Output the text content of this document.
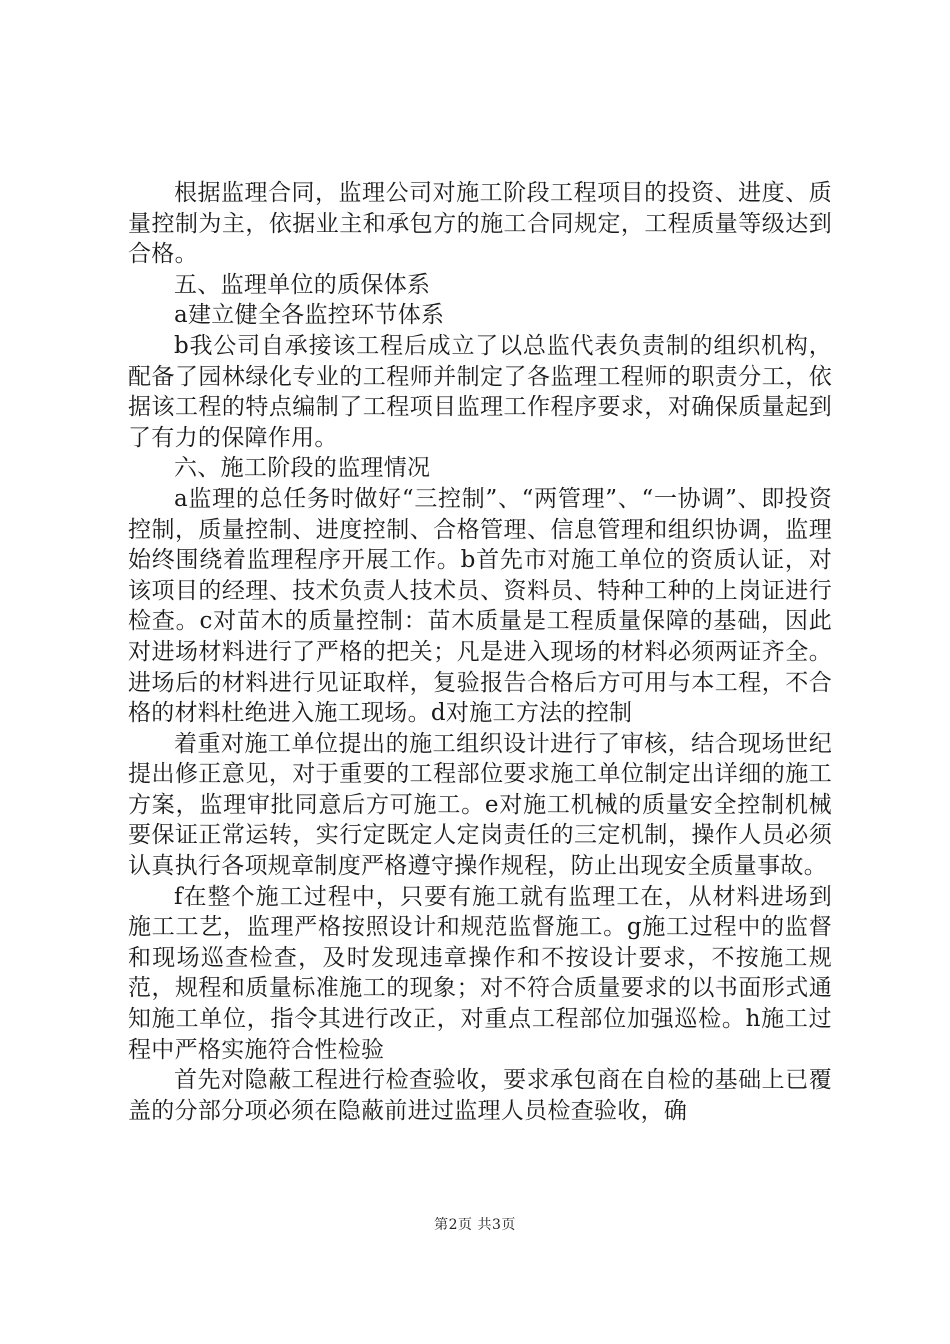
根据监理合同，监理公司对施工阶段工程项目的投资、进度、质量控制为主，依据业主和承包方的施工合同规定，工程质量等级达到合格。

五、监理单位的质保体系

a建立健全各监控环节体系

b我公司自承接该工程后成立了以总监代表负责制的组织机构，配备了园林绿化专业的工程师并制定了各监理工程师的职责分工，依据该工程的特点编制了工程项目监理工作程序要求，对确保质量起到了有力的保障作用。

六、施工阶段的监理情况

a监理的总任务时做好“三控制”、“两管理”、“一协调”、即投资控制，质量控制、进度控制、合格管理、信息管理和组织协调，监理始终围绕着监理程序开展工作。b首先市对施工单位的资质认证，对该项目的经理、技术负责人技术员、资料员、特种工种的上岗证进行检查。c对苗木的质量控制：苗木质量是工程质量保障的基础，因此对进场材料进行了严格的把关；凡是进入现场的材料必须两证齐全。进场后的材料进行见证取样，复验报告合格后方可用与本工程，不合格的材料杜绝进入施工现场。d对施工方法的控制

着重对施工单位提出的施工组织设计进行了审核，结合现场世纪提出修正意见，对于重要的工程部位要求施工单位制定出详细的施工方案，监理审批同意后方可施工。e对施工机械的质量安全控制机械要保证正常运转，实行定既定人定岗责任的三定机制，操作人员必须认真执行各项规章制度严格遵守操作规程，防止出现安全质量事故。

f在整个施工过程中，只要有施工就有监理工在，从材料进场到施工工艺，监理严格按照设计和规范监督施工。g施工过程中的监督和现场巡查检查，及时发现违章操作和不按设计要求，不按施工规范，规程和质量标准施工的现象；对不符合质量要求的以书面形式通知施工单位，指令其进行改正，对重点工程部位加强巡检。h施工过程中严格实施符合性检验

首先对隐蔽工程进行检查验收，要求承包商在自检的基础上已覆盖的分部分项必须在隐蔽前进过监理人员检查验收，确

第2页 共3页
